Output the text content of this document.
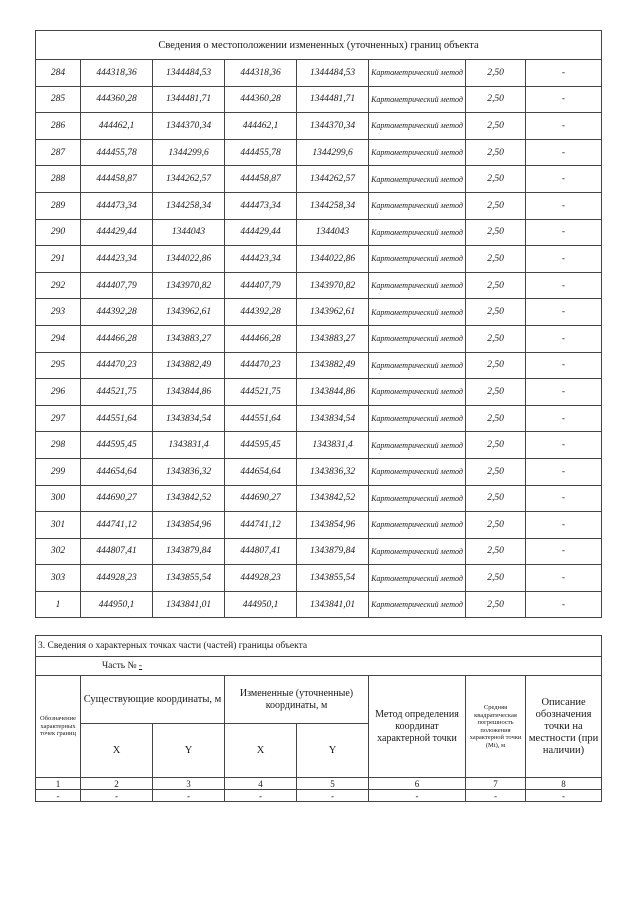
Сведения о местоположении измененных (уточненных) границ объекта							
284	444318,36	1344484,53	444318,36	1344484,53	Картометрический метод	2,50	-
285	444360,28	1344481,71	444360,28	1344481,71	Картометрический метод	2,50	-
286	444462,1	1344370,34	444462,1	1344370,34	Картометрический метод	2,50	-
287	444455,78	1344299,6	444455,78	1344299,6	Картометрический метод	2,50	-
288	444458,87	1344262,57	444458,87	1344262,57	Картометрический метод	2,50	-
289	444473,34	1344258,34	444473,34	1344258,34	Картометрический метод	2,50	-
290	444429,44	1344043	444429,44	1344043	Картометрический метод	2,50	-
291	444423,34	1344022,86	444423,34	1344022,86	Картометрический метод	2,50	-
292	444407,79	1343970,82	444407,79	1343970,82	Картометрический метод	2,50	-
293	444392,28	1343962,61	444392,28	1343962,61	Картометрический метод	2,50	-
294	444466,28	1343883,27	444466,28	1343883,27	Картометрический метод	2,50	-
295	444470,23	1343882,49	444470,23	1343882,49	Картометрический метод	2,50	-
296	444521,75	1343844,86	444521,75	1343844,86	Картометрический метод	2,50	-
297	444551,64	1343834,54	444551,64	1343834,54	Картометрический метод	2,50	-
298	444595,45	1343831,4	444595,45	1343831,4	Картометрический метод	2,50	-
299	444654,64	1343836,32	444654,64	1343836,32	Картометрический метод	2,50	-
300	444690,27	1343842,52	444690,27	1343842,52	Картометрический метод	2,50	-
301	444741,12	1343854,96	444741,12	1343854,96	Картометрический метод	2,50	-
302	444807,41	1343879,84	444807,41	1343879,84	Картометрический метод	2,50	-
303	444928,23	1343855,54	444928,23	1343855,54	Картометрический метод	2,50	-
1	444950,1	1343841,01	444950,1	1343841,01	Картометрический метод	2,50	-
3. Сведения о характерных точках части (частей) границы объекта							
Часть № -							
Обозначение характерных точек границ	Существующие координаты, м		Измененные (уточненные) координаты, м		Метод определения координат характерной точки	Средняя квадратическая погрешность положения характерной точки (Mt), м	Описание обозначения точки на местности (при наличии)
	X	Y	X	Y			
1	2	3	4	5	6	7	8
-	-	-	-	-	-	-	-
